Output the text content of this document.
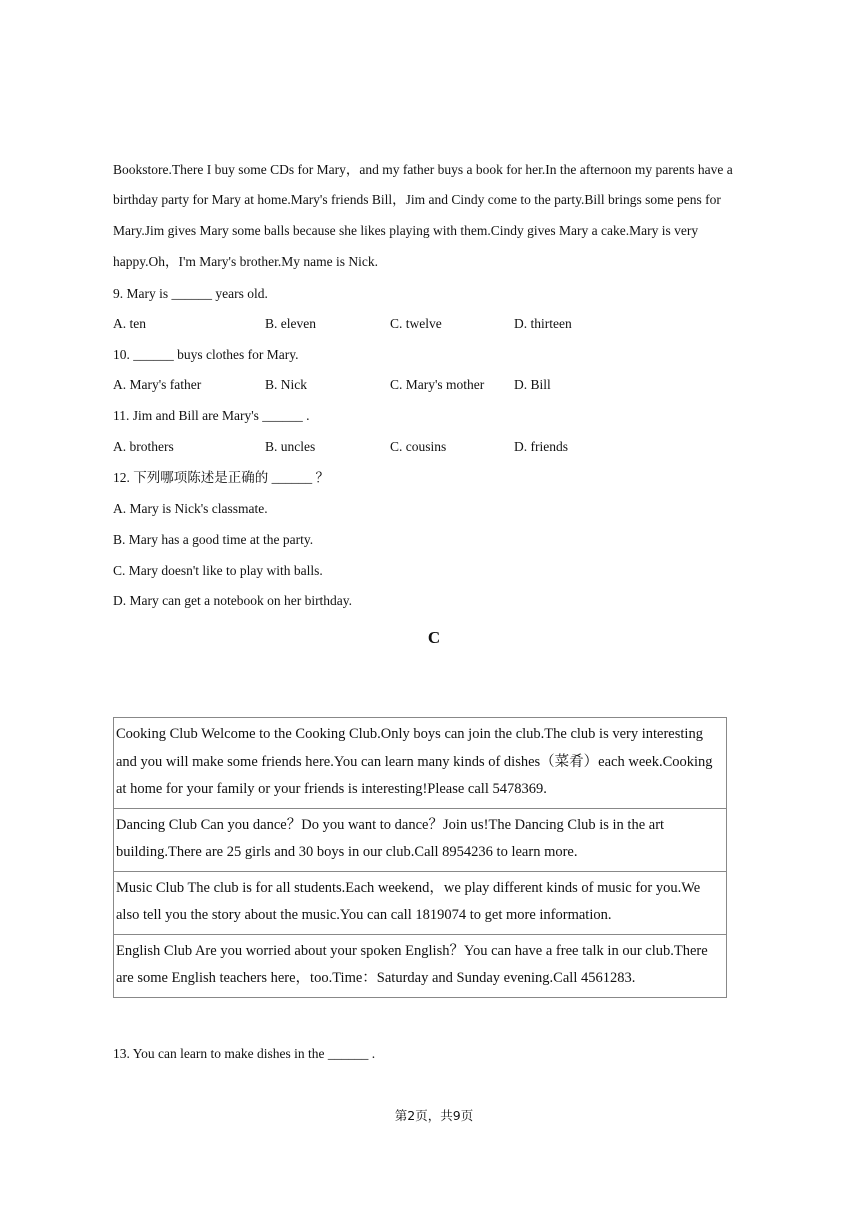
Bookstore.There I buy some CDs for Mary，and my father buys a book for her.In the afternoon my parents have a
birthday party for Mary at home.Mary's friends Bill，Jim and Cindy come to the party.Bill brings some pens for
Mary.Jim gives Mary some balls because she likes playing with them.Cindy gives Mary a cake.Mary is very
happy.Oh，I'm Mary's brother.My name is Nick.
9. Mary is ______ years old.
A. ten	B. eleven	C. twelve	D. thirteen
10. ______ buys clothes for Mary.
A. Mary's father	B. Nick	C. Mary's mother D. Bill
11. Jim and Bill are Mary's ______ .
A. brothers	B. uncles	C. cousins	D. friends
12. 下列哪项陈述是正确的 ______ ？
A. Mary is Nick's classmate.
B. Mary has a good time at the party.
C. Mary doesn't like to play with balls.
D. Mary can get a notebook on her birthday.
C
Cooking Club Welcome to the Cooking Club.Only boys can join the club.The club is very interesting and you will make some friends here.You can learn many kinds of dishes（菜肴）each week.Cooking at home for your family or your friends is interesting!Please call 5478369.
Dancing Club Can you dance？Do you want to dance？Join us!The Dancing Club is in the art building.There are 25 girls and 30 boys in our club.Call 8954236 to learn more.
Music Club The club is for all students.Each weekend，we play different kinds of music for you.We also tell you the story about the music.You can call 1819074 to get more information.
English Club Are you worried about your spoken English？You can have a free talk in our club.There are some English teachers here，too.Time：Saturday and Sunday evening.Call 4561283.
13. You can learn to make dishes in the ______ .
第2页，共9页
